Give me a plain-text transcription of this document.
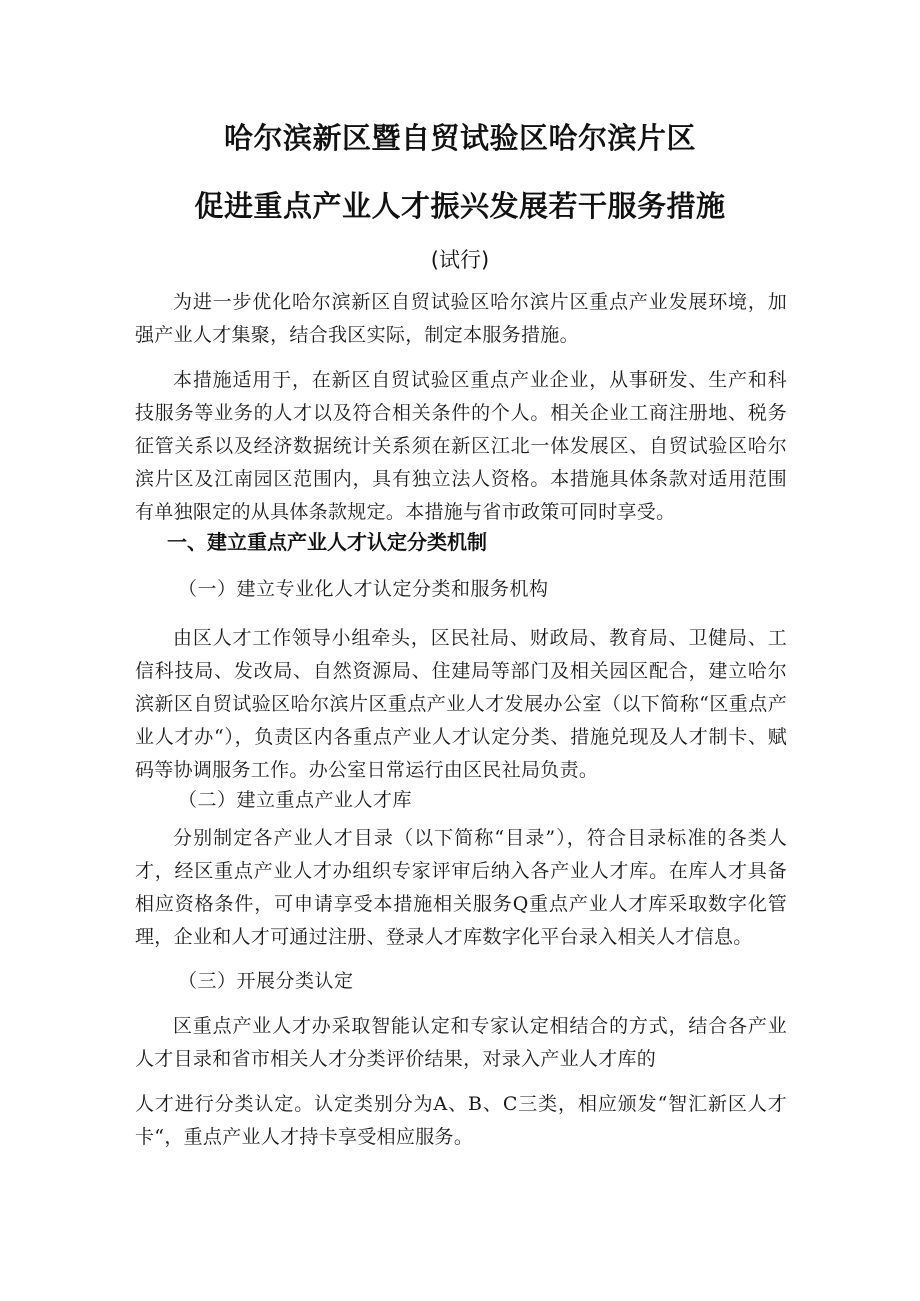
哈尔滨新区暨自贸试验区哈尔滨片区
促进重点产业人才振兴发展若干服务措施
(试行)

为进一步优化哈尔滨新区自贸试验区哈尔滨片区重点产业发展环境，加强产业人才集聚，结合我区实际，制定本服务措施。

本措施适用于，在新区自贸试验区重点产业企业，从事研发、生产和科技服务等业务的人才以及符合相关条件的个人。相关企业工商注册地、税务征管关系以及经济数据统计关系须在新区江北一体发展区、自贸试验区哈尔滨片区及江南园区范围内，具有独立法人资格。本措施具体条款对适用范围有单独限定的从具体条款规定。本措施与省市政策可同时享受。

一、建立重点产业人才认定分类机制

（一）建立专业化人才认定分类和服务机构

由区人才工作领导小组牵头，区民社局、财政局、教育局、卫健局、工信科技局、发改局、自然资源局、住建局等部门及相关园区配合，建立哈尔滨新区自贸试验区哈尔滨片区重点产业人才发展办公室（以下简称“区重点产业人才办“），负责区内各重点产业人才认定分类、措施兑现及人才制卡、赋码等协调服务工作。办公室日常运行由区民社局负责。

（二）建立重点产业人才库

分别制定各产业人才目录（以下简称“目录”），符合目录标准的各类人才，经区重点产业人才办组织专家评审后纳入各产业人才库。在库人才具备相应资格条件，可申请享受本措施相关服务Q重点产业人才库采取数字化管理，企业和人才可通过注册、登录人才库数字化平台录入相关人才信息。

（三）开展分类认定

区重点产业人才办采取智能认定和专家认定相结合的方式，结合各产业人才目录和省市相关人才分类评价结果，对录入产业人才库的

人才进行分类认定。认定类别分为A、B、C三类，相应颁发“智汇新区人才卡“，重点产业人才持卡享受相应服务。
